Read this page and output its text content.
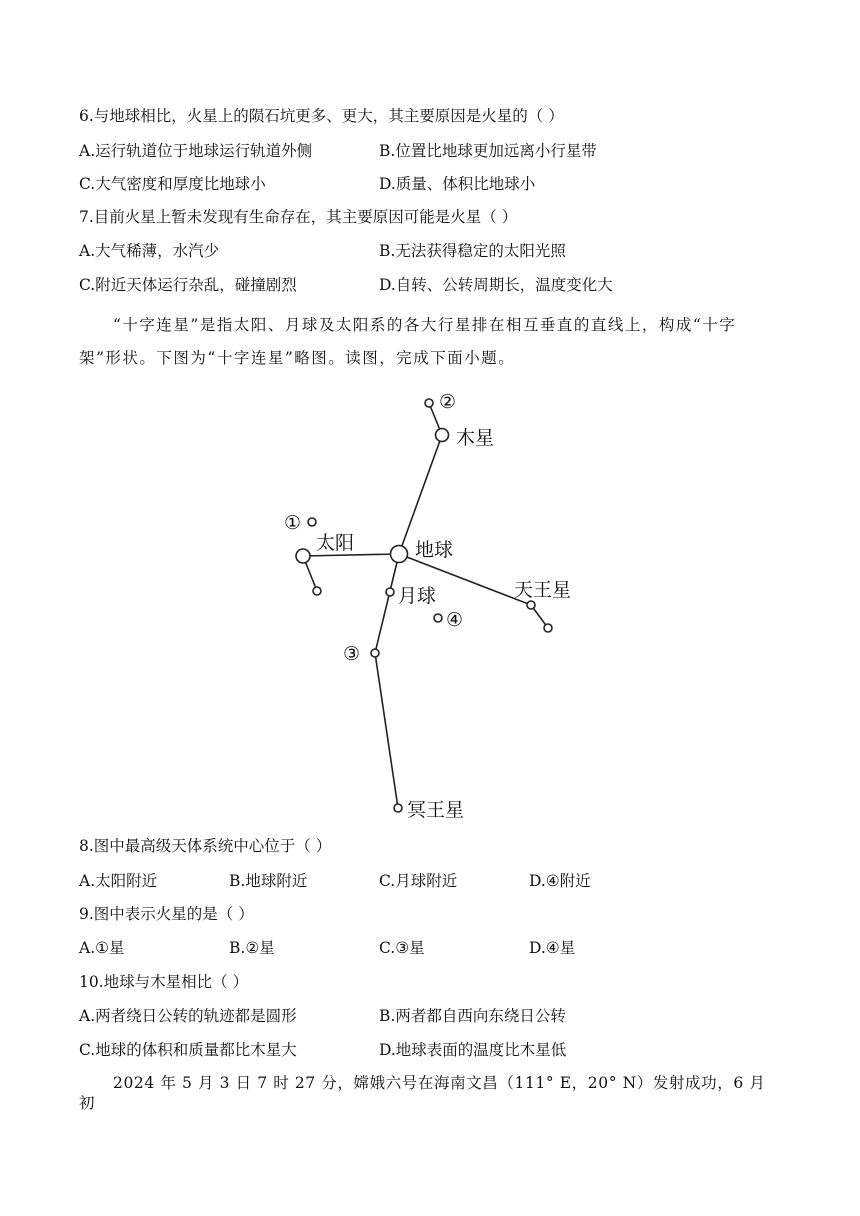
6.与地球相比，火星上的陨石坑更多、更大，其主要原因是火星的（ ）
A.运行轨道位于地球运行轨道外侧	B.位置比地球更加远离小行星带
C.大气密度和厚度比地球小	D.质量、体积比地球小
7.目前火星上暂未发现有生命存在，其主要原因可能是火星（ ）
A.大气稀薄，水汽少	B.无法获得稳定的太阳光照
C.附近天体运行杂乱，碰撞剧烈	D.自转、公转周期长，温度变化大
“十字连星”是指太阳、月球及太阳系的各大行星排在相互垂直的直线上，构成“十字架”形状。下图为“十字连星”略图。读图，完成下面小题。
②
木星
①
太阳	地球
天王星
月球
④
③
冥王星
8.图中最高级天体系统中心位于（ ）
A.太阳附近	B.地球附近	C.月球附近	D.④附近
9.图中表示火星的是（ ）
A.①星	B.②星	C.③星	D.④星
10.地球与木星相比（ ）
A.两者绕日公转的轨迹都是圆形	B.两者都自西向东绕日公转
C.地球的体积和质量都比木星大	D.地球表面的温度比木星低
2024 年 5 月 3 日 7 时 27 分，嫦娥六号在海南文昌（111° E，20° N）发射成功，6 月初
